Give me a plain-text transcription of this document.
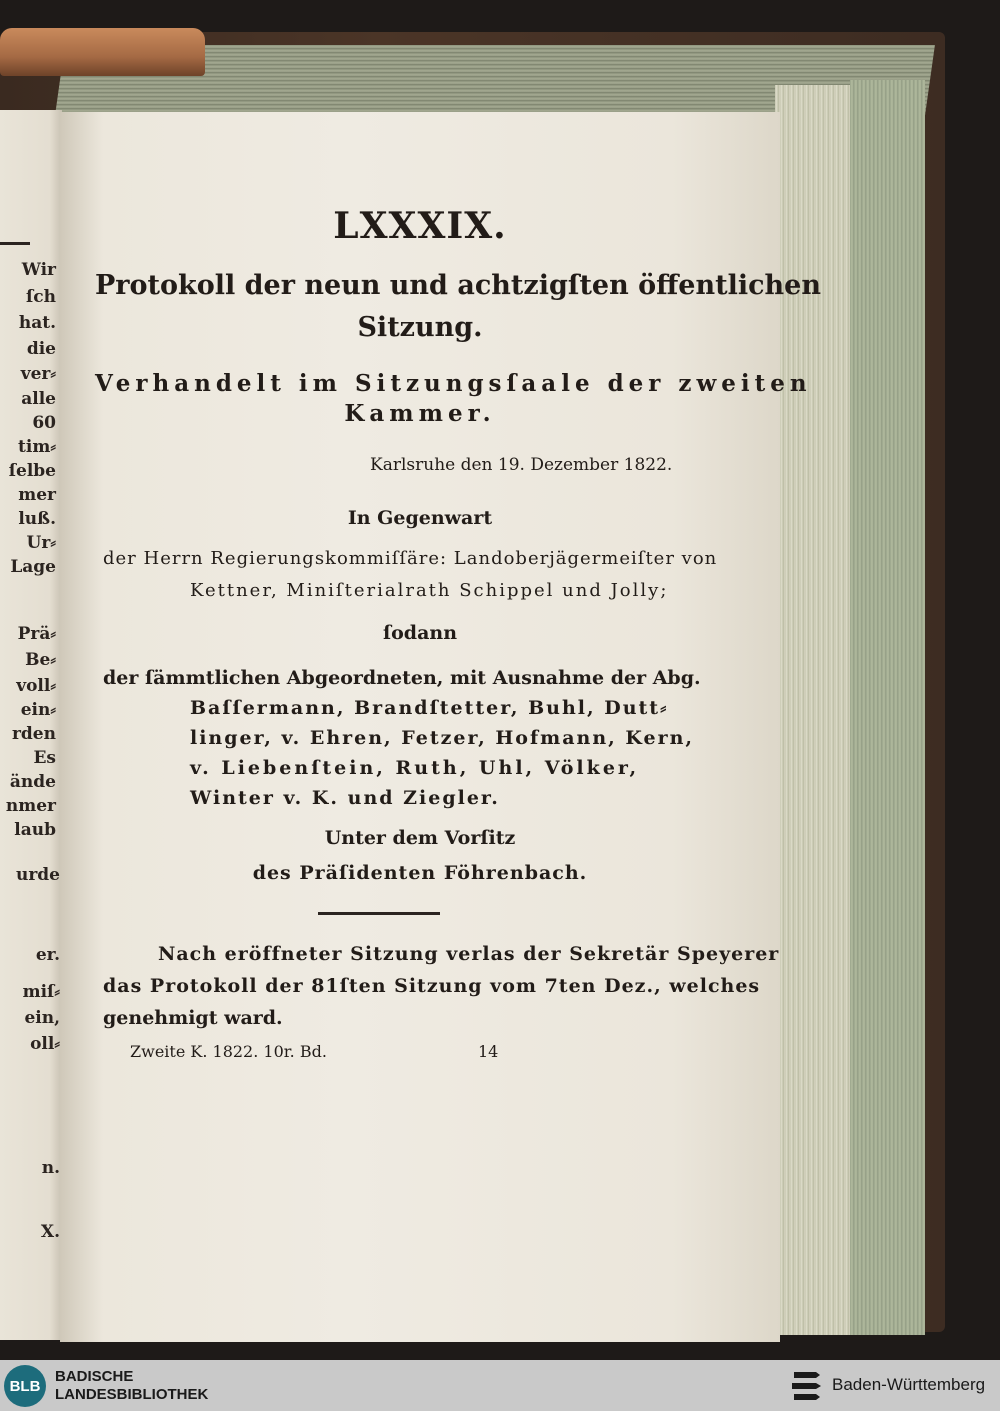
Wir
ſch
hat.
die
ver⸗
alle
60
tim⸗
ſelbe
mer
luß.
Ur⸗
Lage
Prä⸗
Be⸗
voll⸗
ein⸗
rden
Es
ände
nmer
laub
urde
er.
miſ⸗
ein,
oll⸗
n.
X.
LXXXIX.
Protokoll der neun und achtzigſten öffentlichen
Sitzung.
Verhandelt im Sitzungsſaale der zweiten
Kammer.
Karlsruhe den 19. Dezember 1822.
In Gegenwart
der Herrn Regierungskommiſſäre: Landoberjägermeiſter von
Kettner, Miniſterialrath Schippel und Jolly;
ſodann
der ſämmtlichen Abgeordneten, mit Ausnahme der Abg.
Baſſermann, Brandſtetter, Buhl, Dutt⸗
linger, v. Ehren, Fetzer, Hofmann, Kern,
v. Liebenſtein, Ruth, Uhl, Völker,
Winter v. K. und Ziegler.
Unter dem Vorſitz
des Präſidenten Föhrenbach.
Nach eröffneter Sitzung verlas der Sekretär Speyerer
das Protokoll der 81ſten Sitzung vom 7ten Dez., welches
genehmigt ward.
Zweite K. 1822. 10r. Bd.	14
BLB
BADISCHE
LANDESBIBLIOTHEK
Baden-Württemberg
